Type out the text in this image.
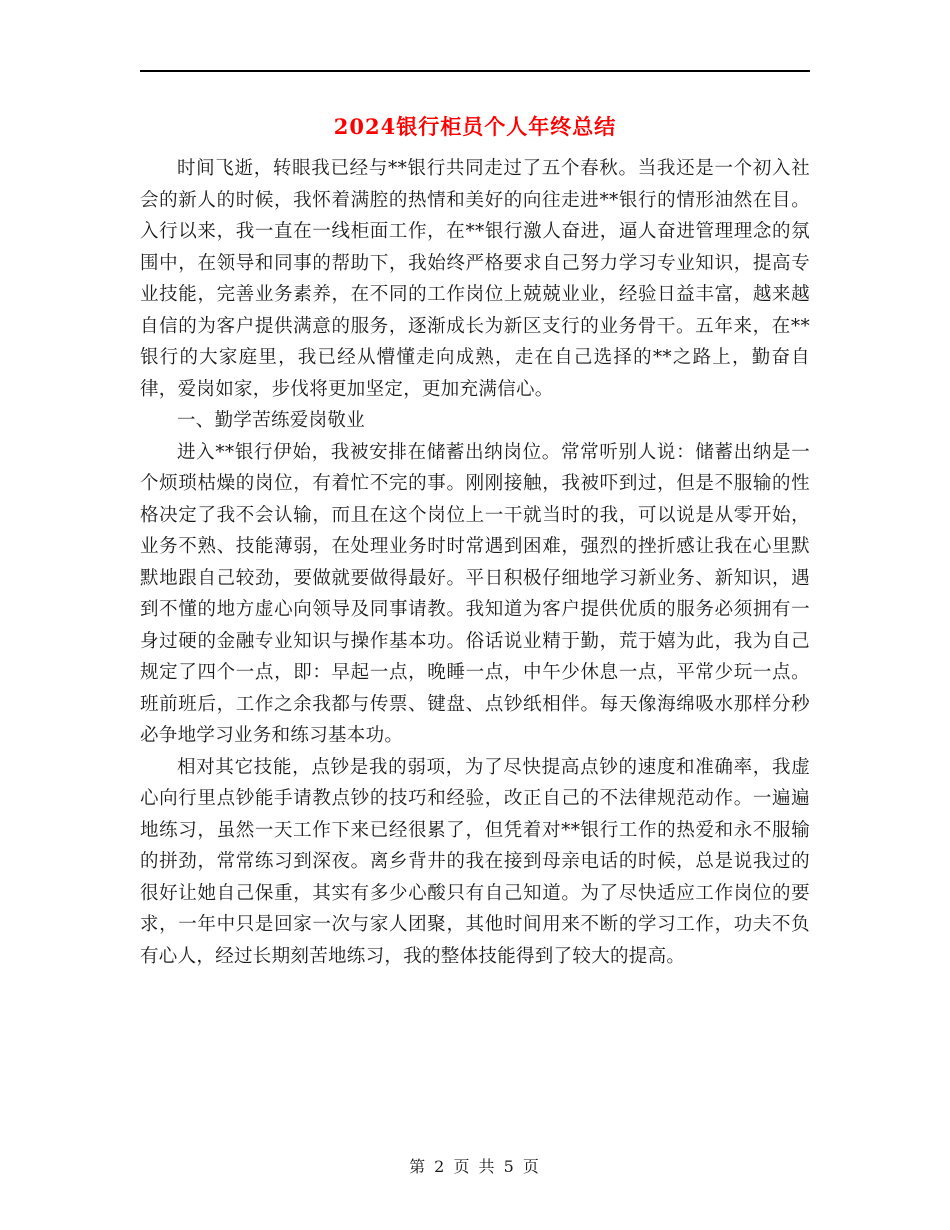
2024银行柜员个人年终总结

时间飞逝，转眼我已经与**银行共同走过了五个春秋。当我还是一个初入社会的新人的时候，我怀着满腔的热情和美好的向往走进**银行的情形油然在目。入行以来，我一直在一线柜面工作，在**银行激人奋进，逼人奋进管理理念的氛围中，在领导和同事的帮助下，我始终严格要求自己努力学习专业知识，提高专业技能，完善业务素养，在不同的工作岗位上兢兢业业，经验日益丰富，越来越自信的为客户提供满意的服务，逐渐成长为新区支行的业务骨干。五年来，在**银行的大家庭里，我已经从懵懂走向成熟，走在自己选择的**之路上，勤奋自律，爱岗如家，步伐将更加坚定，更加充满信心。

一、勤学苦练爱岗敬业

进入**银行伊始，我被安排在储蓄出纳岗位。常常听别人说：储蓄出纳是一个烦琐枯燥的岗位，有着忙不完的事。刚刚接触，我被吓到过，但是不服输的性格决定了我不会认输，而且在这个岗位上一干就当时的我，可以说是从零开始，业务不熟、技能薄弱，在处理业务时时常遇到困难，强烈的挫折感让我在心里默默地跟自己较劲，要做就要做得最好。平日积极仔细地学习新业务、新知识，遇到不懂的地方虚心向领导及同事请教。我知道为客户提供优质的服务必须拥有一身过硬的金融专业知识与操作基本功。俗话说业精于勤，荒于嬉为此，我为自己规定了四个一点，即：早起一点，晚睡一点，中午少休息一点，平常少玩一点。班前班后，工作之余我都与传票、键盘、点钞纸相伴。每天像海绵吸水那样分秒必争地学习业务和练习基本功。

相对其它技能，点钞是我的弱项，为了尽快提高点钞的速度和准确率，我虚心向行里点钞能手请教点钞的技巧和经验，改正自己的不法律规范动作。一遍遍地练习，虽然一天工作下来已经很累了，但凭着对**银行工作的热爱和永不服输的拼劲，常常练习到深夜。离乡背井的我在接到母亲电话的时候，总是说我过的很好让她自己保重，其实有多少心酸只有自己知道。为了尽快适应工作岗位的要求，一年中只是回家一次与家人团聚，其他时间用来不断的学习工作，功夫不负有心人，经过长期刻苦地练习，我的整体技能得到了较大的提高。

第 2 页 共 5 页
